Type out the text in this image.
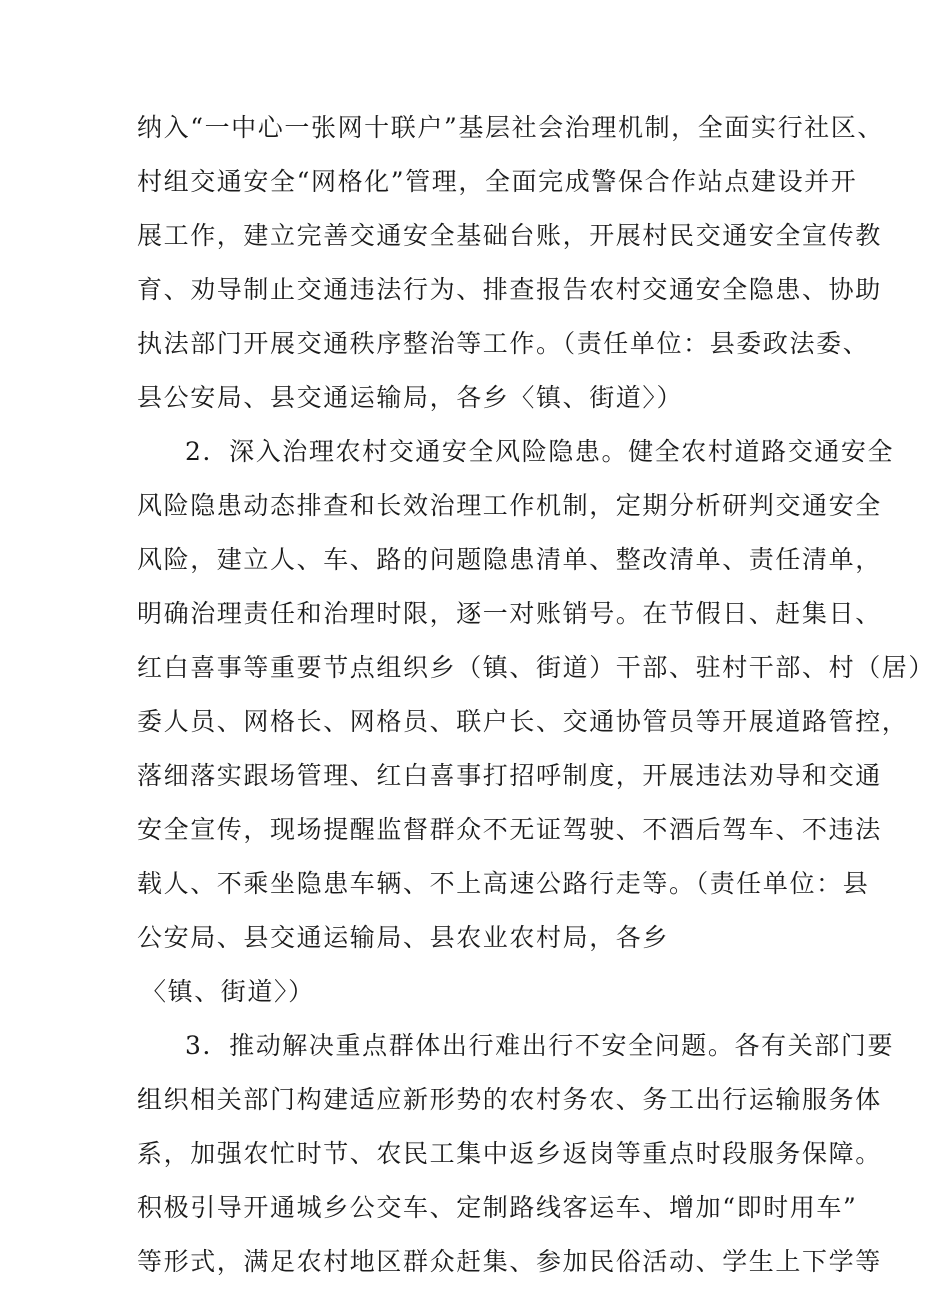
纳入“一中心一张网十联户”基层社会治理机制，全面实行社区、
村组交通安全“网格化”管理，全面完成警保合作站点建设并开
展工作，建立完善交通安全基础台账，开展村民交通安全宣传教
育、劝导制止交通违法行为、排查报告农村交通安全隐患、协助
执法部门开展交通秩序整治等工作。（责任单位：县委政法委、
县公安局、县交通运输局，各乡〈镇、街道〉）
2．深入治理农村交通安全风险隐患。健全农村道路交通安全
风险隐患动态排查和长效治理工作机制，定期分析研判交通安全
风险，建立人、车、路的问题隐患清单、整改清单、责任清单，
明确治理责任和治理时限，逐一对账销号。在节假日、赶集日、
红白喜事等重要节点组织乡（镇、街道）干部、驻村干部、村（居）
委人员、网格长、网格员、联户长、交通协管员等开展道路管控，
落细落实跟场管理、红白喜事打招呼制度，开展违法劝导和交通
安全宣传，现场提醒监督群众不无证驾驶、不酒后驾车、不违法
载人、不乘坐隐患车辆、不上高速公路行走等。（责任单位：县
公安局、县交通运输局、县农业农村局，各乡
〈镇、街道〉）
3．推动解决重点群体出行难出行不安全问题。各有关部门要
组织相关部门构建适应新形势的农村务农、务工出行运输服务体
系，加强农忙时节、农民工集中返乡返岗等重点时段服务保障。
积极引导开通城乡公交车、定制路线客运车、增加“即时用车”
等形式，满足农村地区群众赶集、参加民俗活动、学生上下学等
